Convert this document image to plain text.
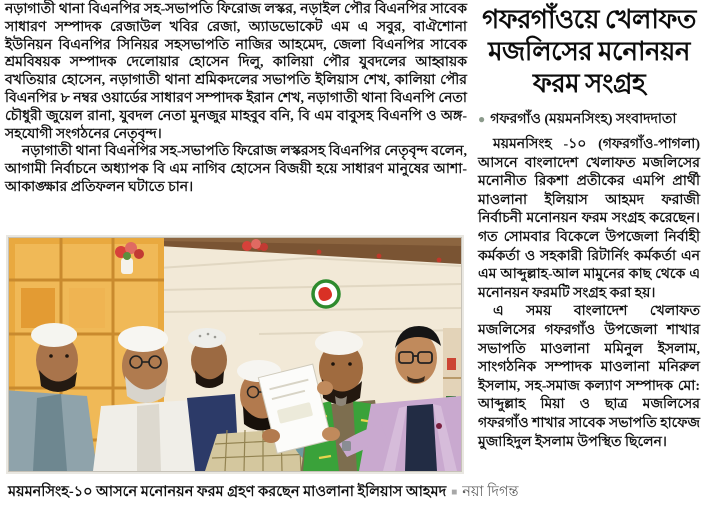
নড়াগাতী থানা বিএনপির সহ-সভাপতি ফিরোজ লস্কর, নড়াইল পৌর বিএনপির সাবেক সাধারণ সম্পাদক রেজাউল খবির রেজা, অ্যাডভোকেট এম এ সবুর, বাঐশোনা ইউনিয়ন বিএনপির সিনিয়র সহসভাপতি নাজির আহমেদ, জেলা বিএনপির সাবেক শ্রমবিষয়ক সম্পাদক দেলোয়ার হোসেন দিলু, কালিয়া পৌর যুবদলের আহ্বায়ক বখতিয়ার হোসেন, নড়াগাতী থানা শ্রমিকদলের সভাপতি ইলিয়াস শেখ, কালিয়া পৌর বিএনপির ৮ নম্বর ওয়ার্ডের সাধারণ সম্পাদক ইরান শেখ, নড়াগাতী থানা বিএনপি নেতা চৌধুরী জুয়েল রানা, যুবদল নেতা মুনজুর মাহবুব বনি, বি এম বাবুসহ বিএনপি ও অঙ্গ-সহযোগী সংগঠনের নেতৃবৃন্দ।

নড়াগাতী থানা বিএনপির সহ-সভাপতি ফিরোজ লস্করসহ বিএনপির নেতৃবৃন্দ বলেন, আগামী নির্বাচনে অধ্যাপক বি এম নাগিব হোসেন বিজয়ী হয়ে সাধারণ মানুষের আশা-আকাঙ্ক্ষার প্রতিফলন ঘটাতে চান।

ময়মনসিংহ-১০ আসনে মনোনয়ন ফরম গ্রহণ করছেন মাওলানা ইলিয়াস আহমদ ■ নয়া দিগন্ত
গফরগাঁওয়ে খেলাফত
মজলিসের মনোনয়ন
ফরম সংগ্রহ
● গফরগাঁও (ময়মনসিংহ) সংবাদদাতা

ময়মনসিংহ -১০ (গফরগাঁও-পাগলা) আসনে বাংলাদেশ খেলাফত মজলিসের মনোনীত রিকশা প্রতীকের এমপি প্রার্থী মাওলানা ইলিয়াস আহমদ ফরাজী নির্বাচনী মনোনয়ন ফরম সংগ্রহ করেছেন। গত সোমবার বিকেলে উপজেলা নির্বাহী কর্মকর্তা ও সহকারী রিটার্নিং কর্মকর্তা এন এম আব্দুল্লাহ-আল মামুনের কাছ থেকে এ মনোনয়ন ফরমটি সংগ্রহ করা হয়।

এ সময় বাংলাদেশ খেলাফত মজলিসের গফরগাঁও উপজেলা শাখার সভাপতি মাওলানা মমিনুল ইসলাম, সাংগঠনিক সম্পাদক মাওলানা মনিরুল ইসলাম, সহ-সমাজ কল্যাণ সম্পাদক মো: আব্দুল্লাহ মিয়া ও ছাত্র মজলিসের গফরগাঁও শাখার সাবেক সভাপতি হাফেজ মুজাহিদুল ইসলাম উপস্থিত ছিলেন।
